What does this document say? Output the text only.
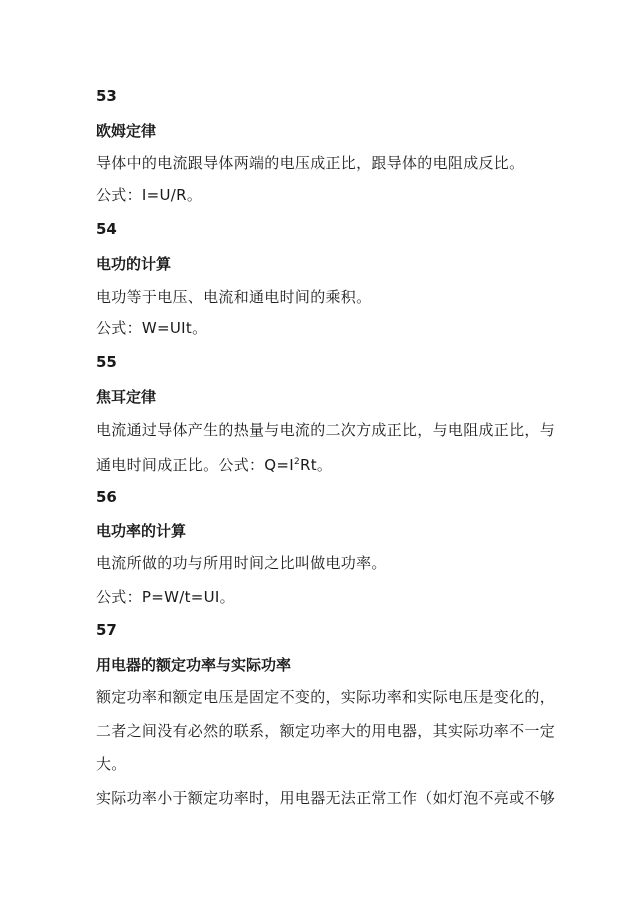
53
欧姆定律
导体中的电流跟导体两端的电压成正比，跟导体的电阻成反比。
公式：I=U/R。
54
电功的计算
电功等于电压、电流和通电时间的乘积。
公式：W=UIt。
55
焦耳定律
电流通过导体产生的热量与电流的二次方成正比，与电阻成正比，与
通电时间成正比。公式：$Q=I^2Rt$。
56
电功率的计算
电流所做的功与所用时间之比叫做电功率。
公式：P=W/t=UI。
57
用电器的额定功率与实际功率
额定功率和额定电压是固定不变的，实际功率和实际电压是变化的，
二者之间没有必然的联系，额定功率大的用电器，其实际功率不一定
大。
实际功率小于额定功率时，用电器无法正常工作（如灯泡不亮或不够
